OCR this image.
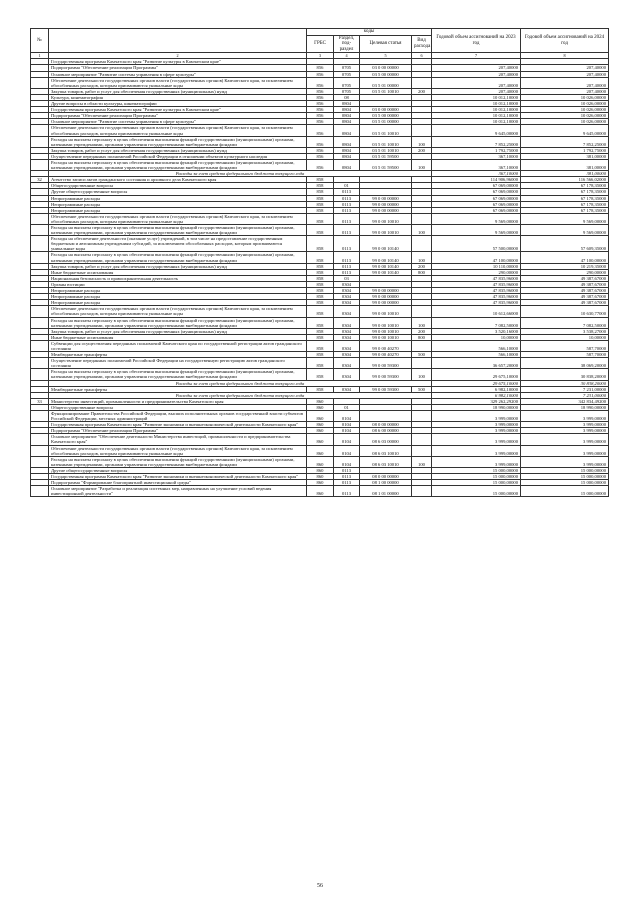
№		коды				Годовой объем ассигнований на 2023 год	Годовой объем ассигнований на 2024 год
		ГРБС	Раздел, под-раздел	Целевая статья	Вид расхода		
1	2	3	4	5	6	7	8
	Государственная программа Камчатского края "Развитие культуры в Камчатском крае"						
	Подпрограмма "Обеспечение реализации Программы"	856	0705	03 0 00 00000		207,40000	207,40000
	Основное мероприятие "Развитие системы управления в сфере культуры"	856	0705	03 5 00 00000		207,40000	207,40000
	Обеспечение деятельности государственных органов власти (государственных органов) Камчатского края, за исключением обособленных расходов, которым присваиваются уникальные коды	856	0705	03 5 01 00000		207,40000	207,40000
	Закупка товаров, работ и услуг для обеспечения государственных (муниципальных) нужд	856	0705	03 5 01 10010	200	207,40000	207,40000
	Культура, кинематография	856	08			10 012,10000	10 026,00000
	Другие вопросы в области культуры, кинематографии	856	0804			10 012,10000	10 026,00000
	Государственная программа Камчатского края "Развитие культуры в Камчатском крае"	856	0804	03 0 00 00000		10 012,10000	10 026,00000
	Подпрограмма "Обеспечение реализации Программы"	856	0804	03 5 00 00000		10 012,10000	10 026,00000
	Основное мероприятие "Развитие системы управления в сфере культуры"	856	0804	03 5 01 00000		10 012,10000	10 026,00000
	Обеспечение деятельности государственных органов власти (государственных органов) Камчатского края, за исключением обособленных расходов, которым присваиваются уникальные коды	856	0804	03 5 01 10010		9 645,00000	9 645,00000
	Расходы на выплаты персоналу в целях обеспечения выполнения функций государственными (муниципальными) органами, казенными учреждениями, органами управления государственными внебюджетными фондами	856	0804	03 5 01 10010	100	7 852,25000	7 852,25000
	Закупка товаров, работ и услуг для обеспечения государственных (муниципальных) нужд	856	0804	03 5 01 10010	200	1 792,75000	1 792,75000
	Осуществление переданных полномочий Российской Федерации в отношении объектов культурного наследия	856	0804	03 5 01 59500		367,10000	381,00000
	Расходы на выплаты персоналу в целях обеспечения выполнения функций государственными (муниципальными) органами, казенными учреждениями, органами управления государственными внебюджетными фондами	856	0804	03 5 01 59500	100	367,10000	381,00000
	Расходы за счет средств федерального бюджета текущего года					367,10000	381,00000
32	Агентство записи актов гражданского состояния и архивного дела Камчатского края	858				114 906,96000	116 566,02000
	Общегосударственные вопросы	858	01			67 069,00000	67 178,35000
	Другие общегосударственные вопросы	858	0113			67 069,00000	67 178,35000
	Непрограммные расходы	858	0113	99 0 00 00000		67 069,00000	67 178,35000
	Непрограммные расходы	858	0113	99 0 00 00000		67 069,00000	67 178,35000
	Непрограммные расходы	858	0113	99 0 00 00000		67 069,00000	67 178,35000
	Обеспечение деятельности государственных органов власти (государственных органов) Камчатского края, за исключением обособленных расходов, которым присваиваются уникальные коды	858	0113	99 0 00 10010		9 569,00000	9 569,00000
	Расходы на выплаты персоналу в целях обеспечения выполнения функций государственными (муниципальными) органами, казенными учреждениями, органами управления государственными внебюджетными фондами	858	0113	99 0 00 10010	100	9 569,00000	9 569,00000
	Расходы на обеспечение деятельности (оказание услуг) учреждений, в том числе на предоставление государственным бюджетным и автономным учреждениям субсидий, за исключением обособленных расходов, которым присваиваются уникальные коды	858	0113	99 0 00 10140		57 500,00000	57 609,35000
	Расходы на выплаты персоналу в целях обеспечения выполнения функций государственными (муниципальными) органами, казенными учреждениями, органами управления государственными внебюджетными фондами	858	0113	99 0 00 10140	100	47 100,00000	47 100,00000
	Закупка товаров, работ и услуг для обеспечения государственных (муниципальных) нужд	858	0113	99 0 00 10140	200	10 110,00000	10 219,35000
	Иные бюджетные ассигнования	858	0113	99 0 00 10140	800	290,00000	290,00000
	Национальная безопасность и правоохранительная деятельность	858	03			47 835,96000	49 387,67000
	Органы юстиции	858	0304			47 835,96000	49 387,67000
	Непрограммные расходы	858	0304	99 0 00 00000		47 835,96000	49 387,67000
	Непрограммные расходы	858	0304	99 0 00 00000		47 835,96000	49 387,67000
	Непрограммные расходы	858	0304	99 0 00 00000		47 835,96000	49 387,67000
	Обеспечение деятельности государственных органов власти (государственных органов) Камчатского края, за исключением обособленных расходов, которым присваиваются уникальные коды	858	0304	99 0 00 10010		10 612,66000	10 630,77000
	Расходы на выплаты персоналу в целях обеспечения выполнения функций государственными (муниципальными) органами, казенными учреждениями, органами управления государственными внебюджетными фондами	858	0304	99 0 00 10010	100	7 082,50000	7 082,50000
	Закупка товаров, работ и услуг для обеспечения государственных (муниципальных) нужд	858	0304	99 0 00 10010	200	3 520,16000	3 538,27000
	Иные бюджетные ассигнования	858	0304	99 0 00 10010	800	10,00000	10,00000
	Субвенции для осуществления переданных полномочий Камчатского края по государственной регистрации актов гражданского состояния	858	0304	99 0 00 40270		566,10000	587,70000
	Межбюджетные трансферты	858	0304	99 0 00 40270	500	566,10000	587,70000
	Осуществление переданных полномочий Российской Федерации на государственную регистрацию актов гражданского состояния	858	0304	99 0 00 59300		36 657,20000	38 069,20000
	Расходы на выплаты персоналу в целях обеспечения выполнения функций государственными (муниципальными) органами, казенными учреждениями, органами управления государственными внебюджетными фондами	858	0304	99 0 00 59300	100	29 675,10000	30 838,20000
	Расходы за счет средств федерального бюджета текущего года					29 675,10000	30 838,20000
	Межбюджетные трансферты	858	0304	99 0 00 59300	500	6 982,10000	7 231,00000
	Расходы за счет средств федерального бюджета текущего года					6 982,10000	7 231,00000
33	Министерство инвестиций, промышленности и предпринимательства Камчатского края	860				329 262,29200	342 834,49200
	Общегосударственные вопросы	860	01			18 990,00000	18 990,00000
	Функционирование Правительства Российской Федерации, высших исполнительных органов государственной власти субъектов Российской Федерации, местных администраций	860	0104			3 999,00000	3 999,00000
	Государственная программа Камчатского края "Развитие экономики и внешнеэкономической деятельности Камчатского края"	860	0104	08 0 00 00000		3 999,00000	3 999,00000
	Подпрограмма "Обеспечение реализации Программы"	860	0104	08 6 00 00000		3 999,00000	3 999,00000
	Основное мероприятие "Обеспечение деятельности Министерства инвестиций, промышленности и предпринимательства Камчатского края"	860	0104	08 6 03 00000		3 999,00000	3 999,00000
	Обеспечение деятельности государственных органов власти (государственных органов) Камчатского края, за исключением обособленных расходов, которым присваиваются уникальные коды	860	0104	08 6 03 10010		3 999,00000	3 999,00000
	Расходы на выплаты персоналу в целях обеспечения выполнения функций государственными (муниципальными) органами, казенными учреждениями, органами управления государственными внебюджетными фондами	860	0104	08 6 03 10010	100	3 999,00000	3 999,00000
	Другие общегосударственные вопросы	860	0113			15 000,00000	15 000,00000
	Государственная программа Камчатского края "Развитие экономики и внешнеэкономической деятельности Камчатского края"	860	0113	08 0 00 00000		15 000,00000	15 000,00000
	Подпрограмма "Формирование благоприятной инвестиционной среды"	860	0113	08 1 00 00000		15 000,00000	15 000,00000
	Основное мероприятие "Разработка и реализация системных мер, направленных на улучшение условий ведения инвестиционной деятельности"	860	0113	08 1 01 00000		15 000,00000	15 000,00000
56
